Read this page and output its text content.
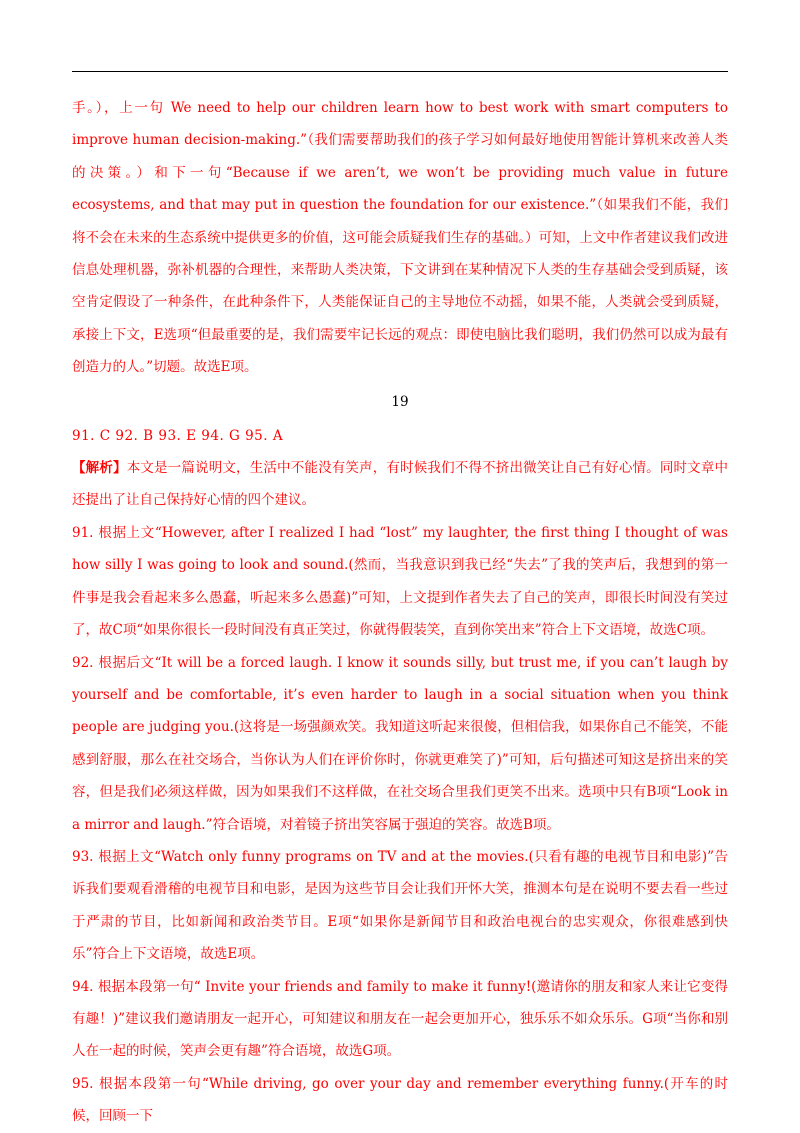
手。），上一句 We need to help our children learn how to best work with smart computers to improve human decision-making.”（我们需要帮助我们的孩子学习如何最好地使用智能计算机来改善人类的决策。）和下一句“Because if we aren’t, we won’t be providing much value in future ecosystems, and that may put in question the foundation for our existence.”（如果我们不能，我们将不会在未来的生态系统中提供更多的价值，这可能会质疑我们生存的基础。）可知，上文中作者建议我们改进信息处理机器，弥补机器的合理性，来帮助人类决策，下文讲到在某种情况下人类的生存基础会受到质疑，该空肯定假设了一种条件，在此种条件下，人类能保证自己的主导地位不动摇，如果不能，人类就会受到质疑，承接上下文，E选项“但最重要的是，我们需要牢记长远的观点：即使电脑比我们聪明，我们仍然可以成为最有创造力的人。”切题。故选E项。

19

91. C 92. B 93. E 94. G 95. A

【解析】本文是一篇说明文，生活中不能没有笑声，有时候我们不得不挤出微笑让自己有好心情。同时文章中还提出了让自己保持好心情的四个建议。

91. 根据上文“However, after I realized I had “lost” my laughter, the first thing I thought of was how silly I was going to look and sound.(然而，当我意识到我已经“失去”了我的笑声后，我想到的第一件事是我会看起来多么愚蠢，听起来多么愚蠢)”可知，上文提到作者失去了自己的笑声，即很长时间没有笑过了，故C项“如果你很长一段时间没有真正笑过，你就得假装笑，直到你笑出来”符合上下文语境，故选C项。

92. 根据后文“It will be a forced laugh. I know it sounds silly, but trust me, if you can’t laugh by yourself and be comfortable, it’s even harder to laugh in a social situation when you think people are judging you.(这将是一场强颜欢笑。我知道这听起来很傻，但相信我，如果你自己不能笑，不能感到舒服，那么在社交场合，当你认为人们在评价你时，你就更难笑了)”可知，后句描述可知这是挤出来的笑容，但是我们必须这样做，因为如果我们不这样做，在社交场合里我们更笑不出来。选项中只有B项“Look in a mirror and laugh.”符合语境，对着镜子挤出笑容属于强迫的笑容。故选B项。

93. 根据上文“Watch only funny programs on TV and at the movies.(只看有趣的电视节目和电影)”告诉我们要观看滑稽的电视节目和电影，是因为这些节目会让我们开怀大笑，推测本句是在说明不要去看一些过于严肃的节目，比如新闻和政治类节目。E项“如果你是新闻节目和政治电视台的忠实观众，你很难感到快乐”符合上下文语境，故选E项。

94. 根据本段第一句“ Invite your friends and family to make it funny!(邀请你的朋友和家人来让它变得有趣！)”建议我们邀请朋友一起开心，可知建议和朋友在一起会更加开心，独乐乐不如众乐乐。G项“当你和别人在一起的时候，笑声会更有趣”符合语境，故选G项。

95. 根据本段第一句“While driving, go over your day and remember everything funny.(开车的时候，回顾一下
